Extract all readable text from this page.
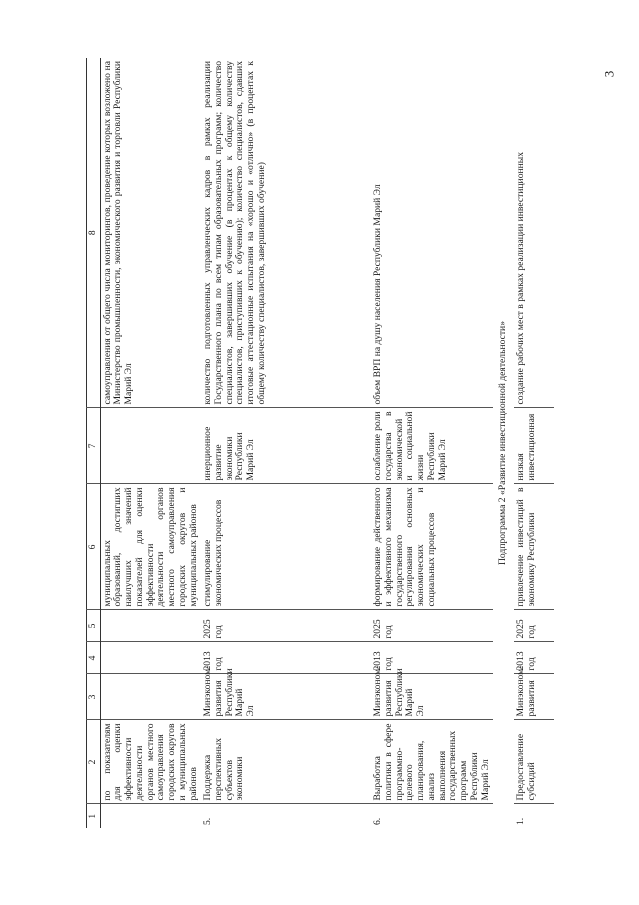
3
1	2	3	4	5	6	7	8
	по показателям для оценки эффективности деятельности органов местного самоуправления городских округов и муниципальных районов				муниципальных образований, достигших наилучших значений показателей для оценки эффективности деятельности органов местного самоуправления городских округов и муниципальных районов		самоуправления от общего числа мониторингов, проведение которых возложено на Министерство промышленности, экономического развития и торговли Республики Марий Эл
5.	Поддержка перспективных субъектов экономики	Минэконом-развития Республики Марий Эл	2013 год	2025 год	стимулирование экономических процессов	инерционное развитие экономики Республики Марий Эл	количество подготовленных управленческих кадров в рамках реализации Государственного плана по всем типам образовательных программ; количество специалистов, завершивших обучение (в процентах к общему количеству специалистов, приступивших к обучению); количество специалистов, сдавших итоговые аттестационные испытания на «хорошо и «отлично» (в процентах к общему количеству специалистов, завершивших обучение)
6.	Выработка политики в сфере программно-целевого планирования, анализ выполнения государственных программ Республики Марий Эл	Минэконом-развития Республики Марий Эл	2013 год	2025 год	формирование действенного и эффективного механизма государственного регулирования основных экономических и социальных процессов	ослабление роли государства в экономической и социальной жизни Республики Марий Эл	объем ВРП на душу населения Республики Марий Эл
Подпрограмма 2 «Развитие инвестиционной деятельности»							
1.	Предоставление субсидий	Минэконом-развития	2013 год	2025 год	привлечение инвестиций в экономику Республики	низкая инвестиционная	создание рабочих мест в рамках реализации инвестиционных
